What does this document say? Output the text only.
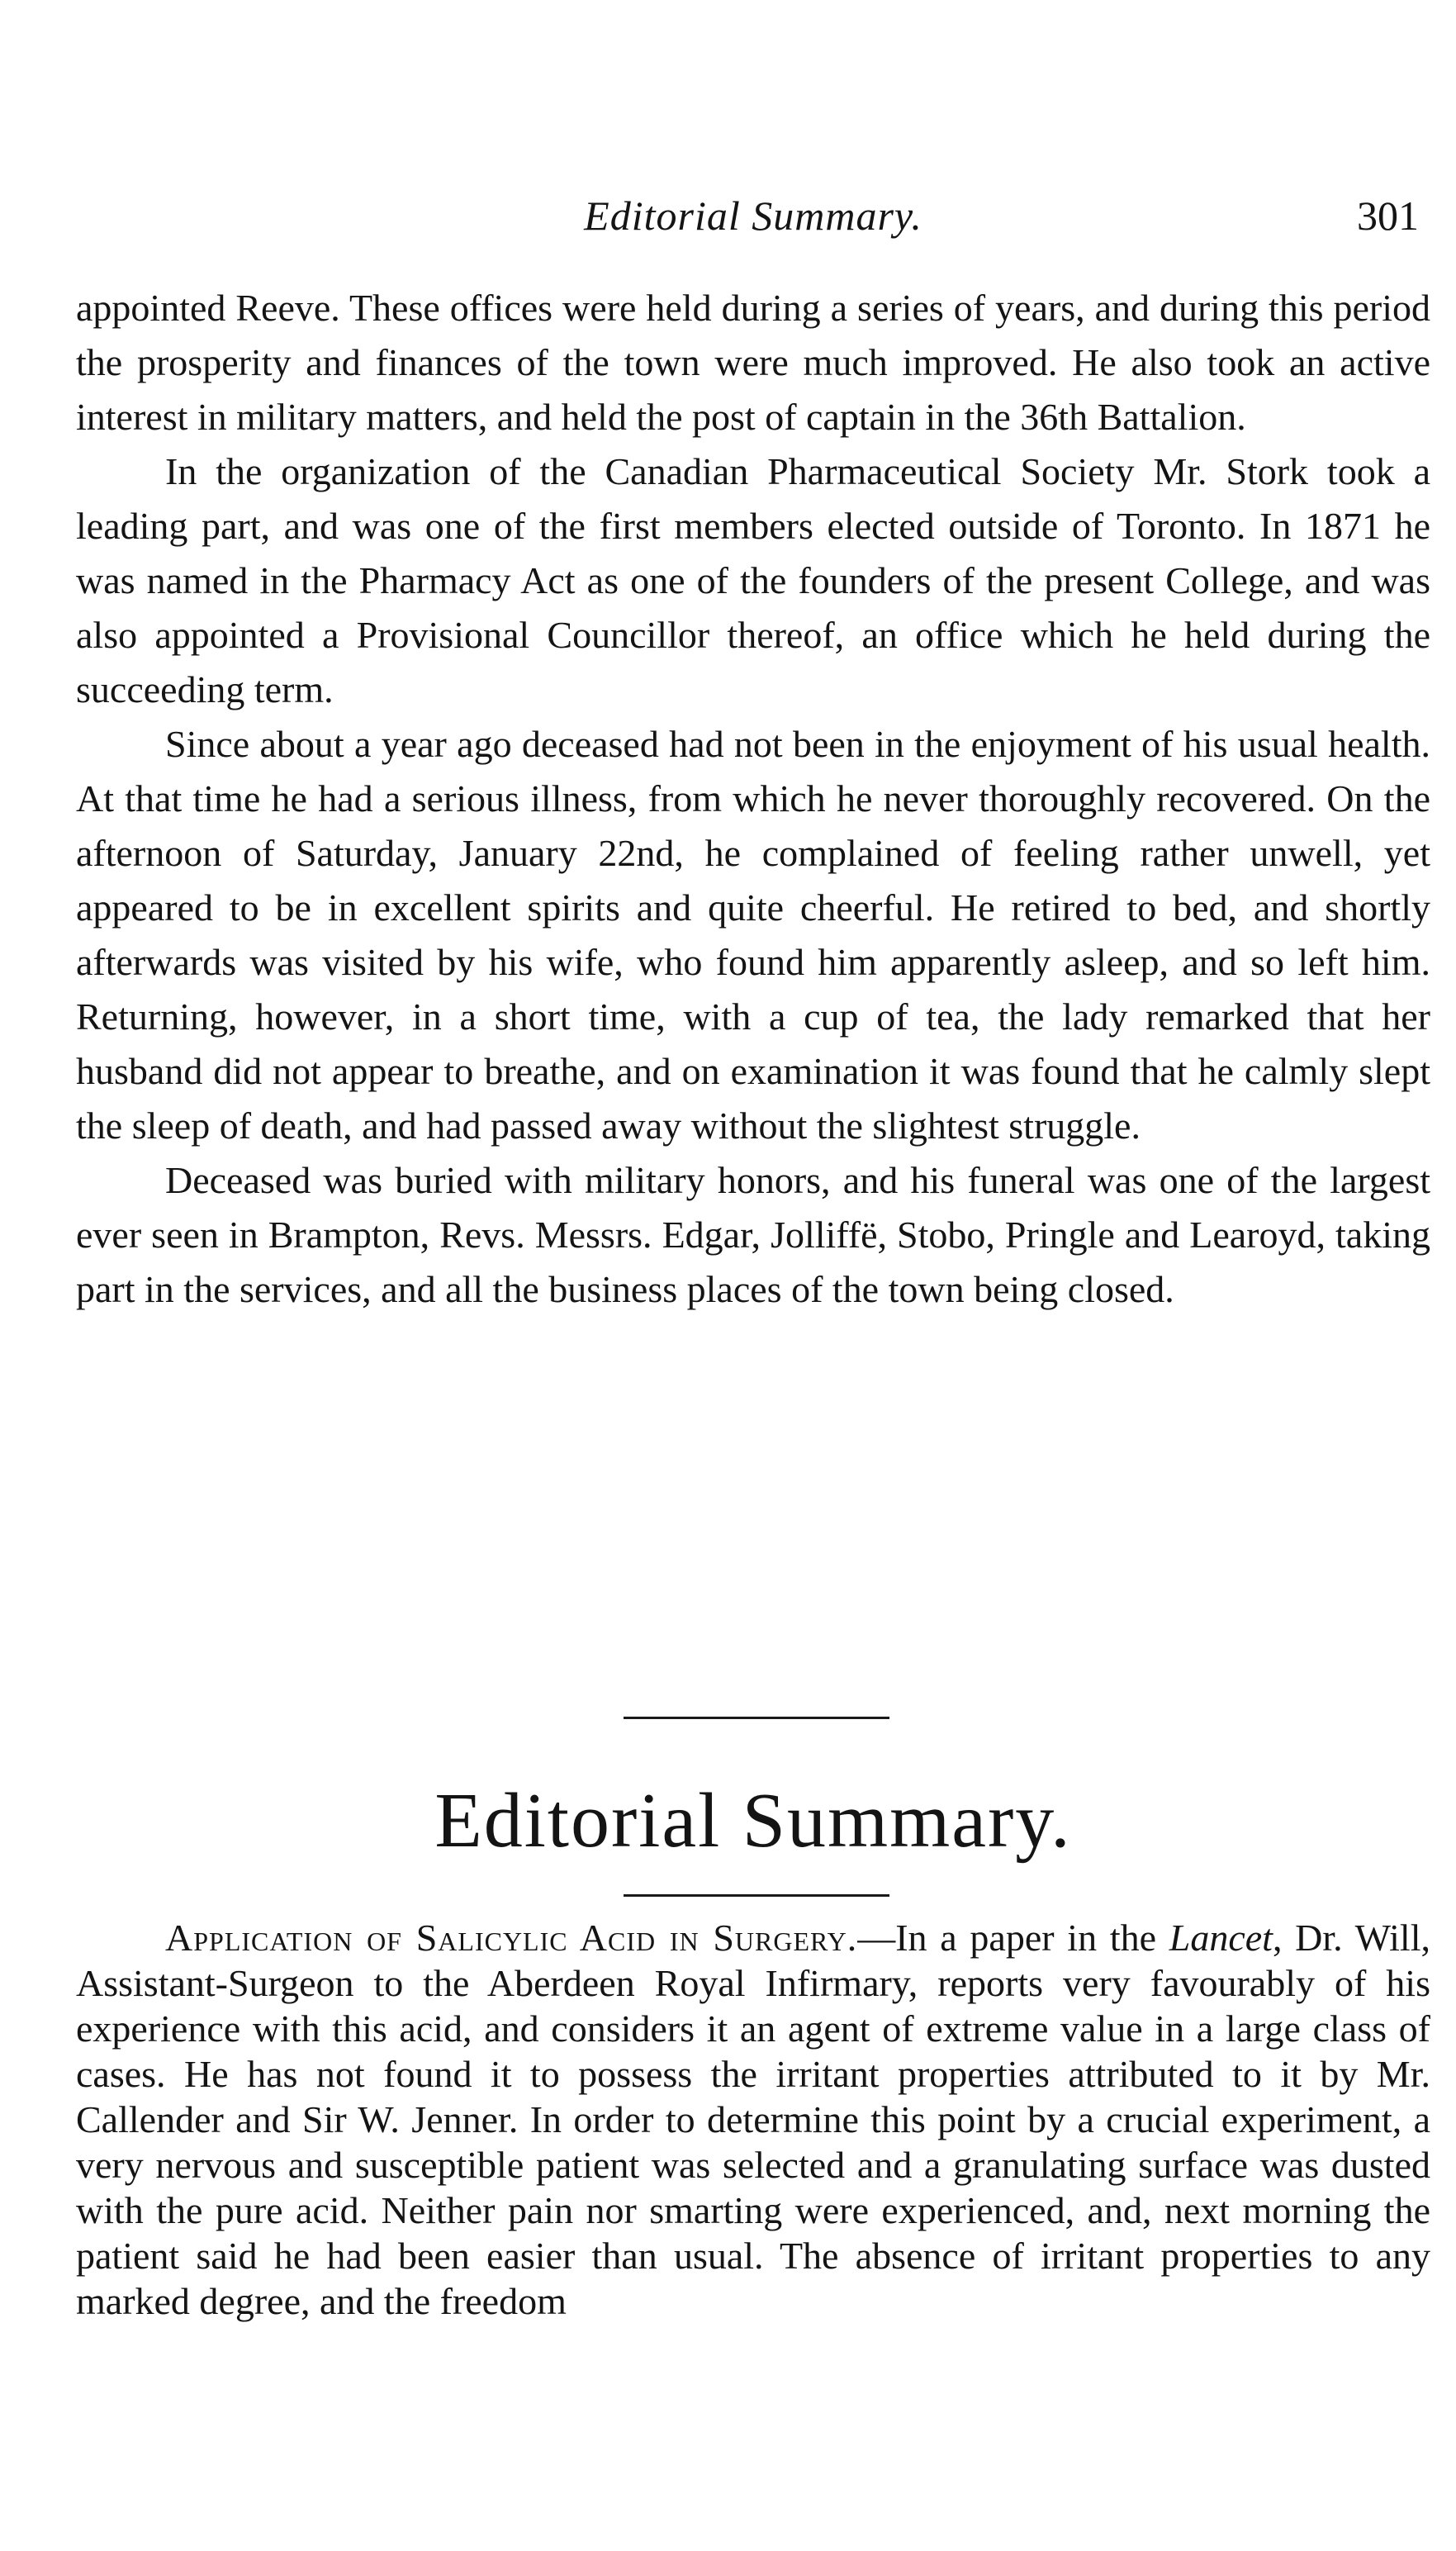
Editorial Summary.	301

appointed Reeve. These offices were held during a series of years, and during this period the prosperity and finances of the town were much improved. He also took an active interest in military matters, and held the post of captain in the 36th Battalion.

In the organization of the Canadian Pharmaceutical Society Mr. Stork took a leading part, and was one of the first members elected outside of Toronto. In 1871 he was named in the Pharmacy Act as one of the founders of the present College, and was also appointed a Provisional Councillor thereof, an office which he held during the succeeding term.

Since about a year ago deceased had not been in the enjoyment of his usual health. At that time he had a serious illness, from which he never thoroughly recovered. On the afternoon of Saturday, January 22nd, he complained of feeling rather unwell, yet appeared to be in excellent spirits and quite cheerful. He retired to bed, and shortly afterwards was visited by his wife, who found him apparently asleep, and so left him. Returning, however, in a short time, with a cup of tea, the lady remarked that her husband did not appear to breathe, and on examination it was found that he calmly slept the sleep of death, and had passed away without the slightest struggle.

Deceased was buried with military honors, and his funeral was one of the largest ever seen in Brampton, Revs. Messrs. Edgar, Jolliffë, Stobo, Pringle and Learoyd, taking part in the services, and all the business places of the town being closed.

Editorial Summary.

Application of Salicylic Acid in Surgery.—In a paper in the Lancet, Dr. Will, Assistant-Surgeon to the Aberdeen Royal Infirmary, reports very favourably of his experience with this acid, and considers it an agent of extreme value in a large class of cases. He has not found it to possess the irritant properties attributed to it by Mr. Callender and Sir W. Jenner. In order to determine this point by a crucial experiment, a very nervous and susceptible patient was selected and a granulating surface was dusted with the pure acid. Neither pain nor smarting were experienced, and, next morning the patient said he had been easier than usual. The absence of irritant properties to any marked degree, and the freedom
